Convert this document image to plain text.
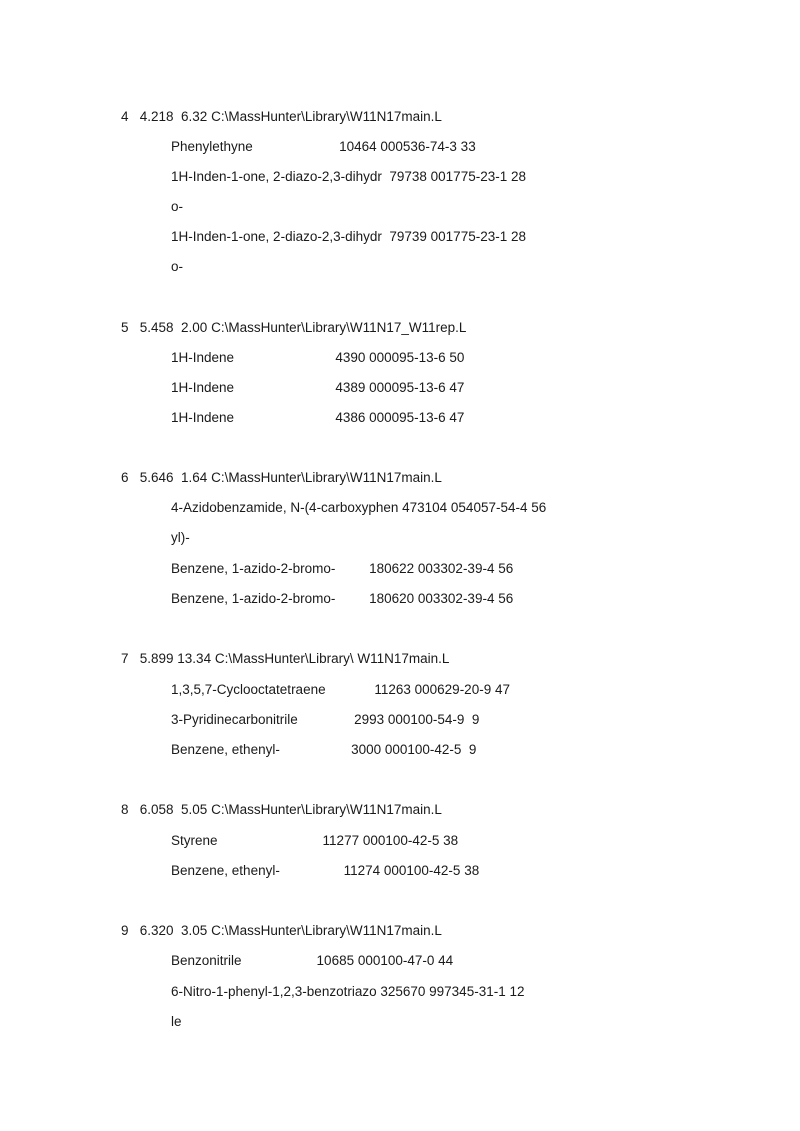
4   4.218  6.32 C:\MassHunter\Library\W11N17main.L
Phenylethyne                       10464 000536-74-3 33
1H-Inden-1-one, 2-diazo-2,3-dihydr  79738 001775-23-1 28
o-
1H-Inden-1-one, 2-diazo-2,3-dihydr  79739 001775-23-1 28
o-
5   5.458  2.00 C:\MassHunter\Library\W11N17_W11rep.L
1H-Indene                           4390 000095-13-6 50
1H-Indene                           4389 000095-13-6 47
1H-Indene                           4386 000095-13-6 47
6   5.646  1.64 C:\MassHunter\Library\W11N17main.L
4-Azidobenzamide, N-(4-carboxyphen 473104 054057-54-4 56
yl)-
Benzene, 1-azido-2-bromo-         180622 003302-39-4 56
Benzene, 1-azido-2-bromo-         180620 003302-39-4 56
7   5.899 13.34 C:\MassHunter\Library\ W11N17main.L
1,3,5,7-Cyclooctatetraene             11263 000629-20-9 47
3-Pyridinecarbonitrile               2993 000100-54-9  9
Benzene, ethenyl-                   3000 000100-42-5  9
8   6.058  5.05 C:\MassHunter\Library\W11N17main.L
Styrene                            11277 000100-42-5 38
Benzene, ethenyl-                 11274 000100-42-5 38
9   6.320  3.05 C:\MassHunter\Library\W11N17main.L
Benzonitrile                    10685 000100-47-0 44
6-Nitro-1-phenyl-1,2,3-benzotriazo 325670 997345-31-1 12
le
